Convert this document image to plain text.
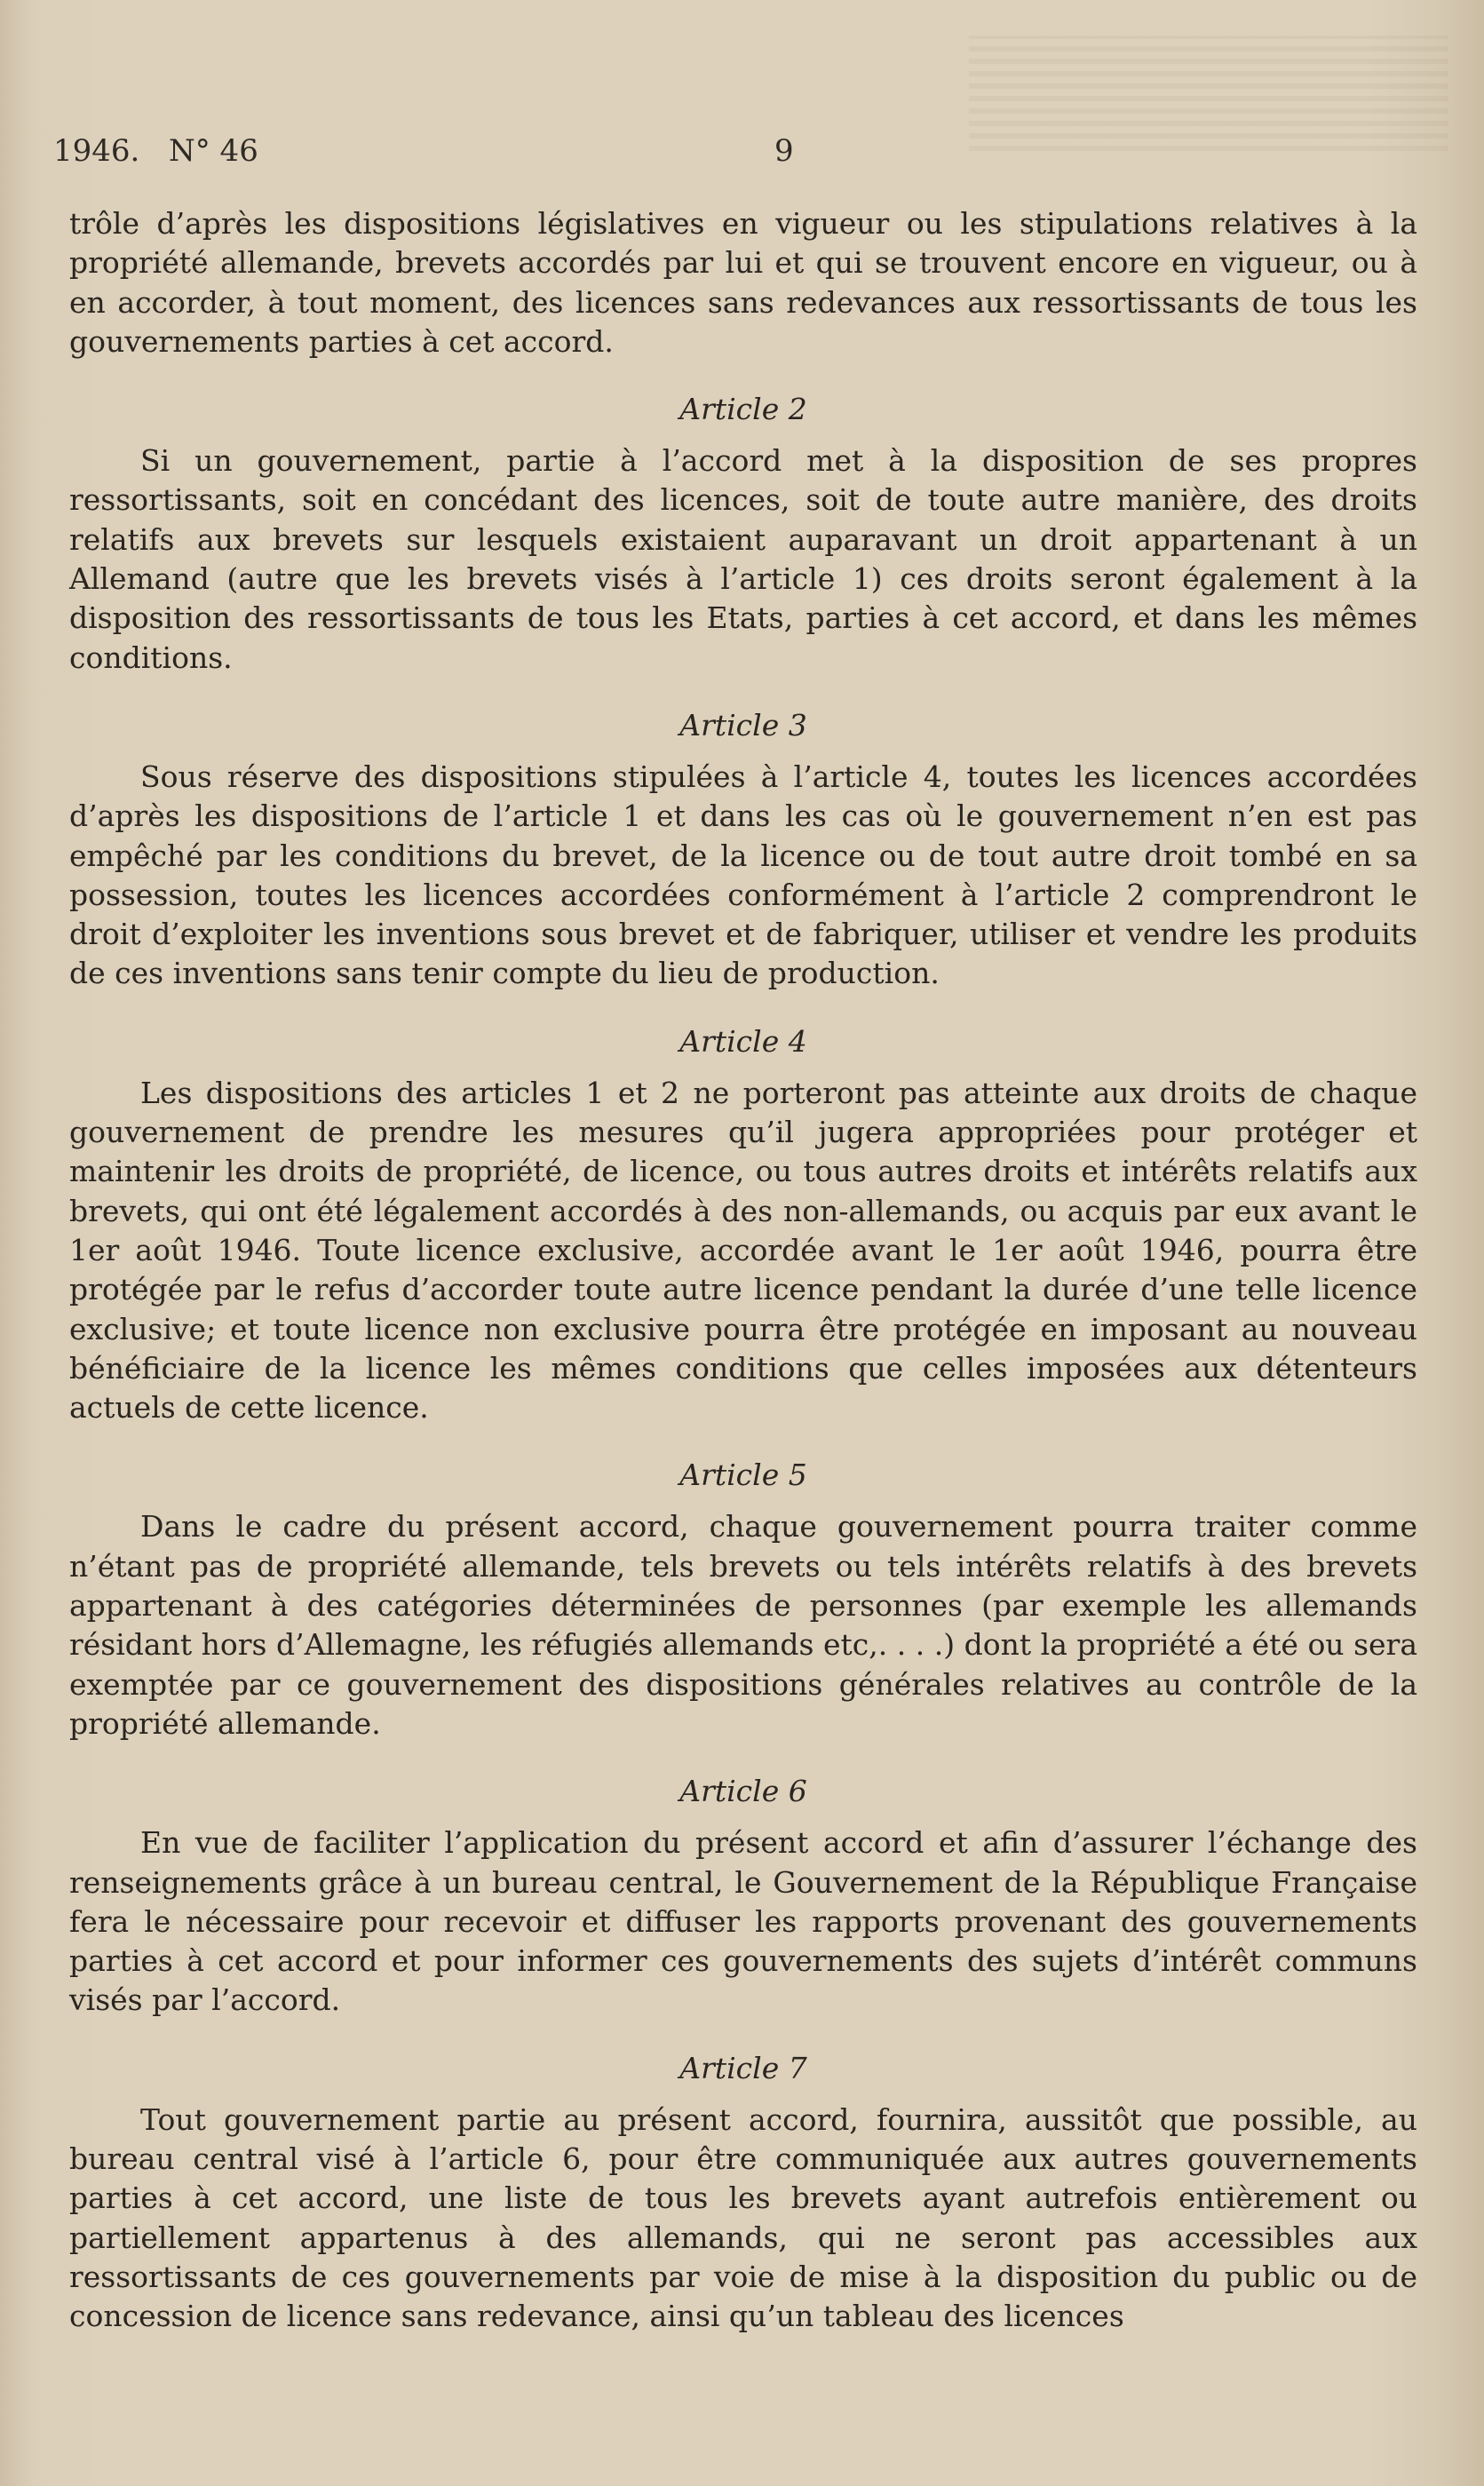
1946. N° 46	9

trôle d’après les dispositions législatives en vigueur ou les stipulations relatives à la propriété allemande, brevets accordés par lui et qui se trouvent encore en vigueur, ou à en accorder, à tout moment, des licences sans redevances aux ressortissants de tous les gouvernements parties à cet accord.

Article 2

Si un gouvernement, partie à l’accord met à la disposition de ses propres ressortissants, soit en concédant des licences, soit de toute autre manière, des droits relatifs aux brevets sur lesquels existaient auparavant un droit appartenant à un Allemand (autre que les brevets visés à l’article 1) ces droits seront également à la disposition des ressortissants de tous les Etats, parties à cet accord, et dans les mêmes conditions.

Article 3

Sous réserve des dispositions stipulées à l’article 4, toutes les licences accordées d’après les dispositions de l’article 1 et dans les cas où le gouvernement n’en est pas empêché par les conditions du brevet, de la licence ou de tout autre droit tombé en sa possession, toutes les licences accordées conformément à l’article 2 comprendront le droit d’exploiter les inventions sous brevet et de fabriquer, utiliser et vendre les produits de ces inventions sans tenir compte du lieu de production.

Article 4

Les dispositions des articles 1 et 2 ne porteront pas atteinte aux droits de chaque gouvernement de prendre les mesures qu’il jugera appropriées pour protéger et maintenir les droits de propriété, de licence, ou tous autres droits et intérêts relatifs aux brevets, qui ont été légalement accordés à des non-allemands, ou acquis par eux avant le 1er août 1946. Toute licence exclusive, accordée avant le 1er août 1946, pourra être protégée par le refus d’accorder toute autre licence pendant la durée d’une telle licence exclusive; et toute licence non exclusive pourra être protégée en imposant au nouveau bénéficiaire de la licence les mêmes conditions que celles imposées aux détenteurs actuels de cette licence.

Article 5

Dans le cadre du présent accord, chaque gouvernement pourra traiter comme n’étant pas de propriété allemande, tels brevets ou tels intérêts relatifs à des brevets appartenant à des catégories déterminées de personnes (par exemple les allemands résidant hors d’Allemagne, les réfugiés allemands etc,. . . .) dont la propriété a été ou sera exemptée par ce gouvernement des dispositions générales relatives au contrôle de la propriété allemande.

Article 6

En vue de faciliter l’application du présent accord et afin d’assurer l’échange des renseignements grâce à un bureau central, le Gouvernement de la République Française fera le nécessaire pour recevoir et diffuser les rapports provenant des gouvernements parties à cet accord et pour informer ces gouvernements des sujets d’intérêt communs visés par l’accord.

Article 7

Tout gouvernement partie au présent accord, fournira, aussitôt que possible, au bureau central visé à l’article 6, pour être communiquée aux autres gouvernements parties à cet accord, une liste de tous les brevets ayant autrefois entièrement ou partiellement appartenus à des allemands, qui ne seront pas accessibles aux ressortissants de ces gouvernements par voie de mise à la disposition du public ou de concession de licence sans redevance, ainsi qu’un tableau des licences
